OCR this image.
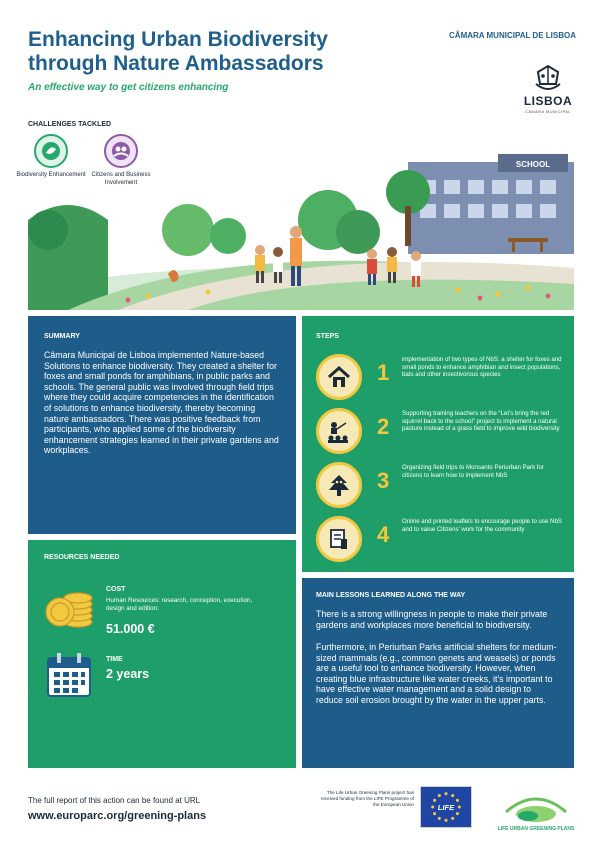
Enhancing Urban Biodiversity through Nature Ambassadors
An effective way to get citizens enhancing
CÂMARA MUNICIPAL DE LISBOA
LISBOA
CÂMARA MUNICIPAL
CHALLENGES TACKLED
Biodiversity Enhancement Citizens and Business Involvement
SCHOOL
SUMMARY

Câmara Municipal de Lisboa implemented Nature-based Solutions to enhance biodiversity. They created a shelter for foxes and small ponds for amphibians, in public parks and schools. The general public was involved through field trips where they could acquire competencies in the identification of solutions to enhance biodiversity, thereby becoming nature ambassadors. There was positive feedback from participants, who applied some of the biodiversity enhancement strategies learned in their private gardens and workplaces.

RESOURCES NEEDED
COST
Human Resources: research, conception, execution, design and edition:
51.000 €
TIME
2 years
STEPS
1
implementation of two types of NbS: a shelter for foxes and small ponds to enhance amphibian and insect populations, bats and other insectivorous species
2
Supporting training teachers on the “Let’s bring the red squirrel back to the school” project to implement a natural pasture instead of a grass field to improve wild biodiversity
3
Organizing field trips to Monsanto Periurban Park for citizens to learn how to implement NbS
4
Online and printed leaflets to encourage people to use NbS and to value Citizens’ work for the community
MAIN LESSONS LEARNED ALONG THE WAY

There is a strong willingness in people to make their private gardens and workplaces more beneficial to biodiversity.

Furthermore, in Periurban Parks artificial shelters for medium-sized mammals (e.g., common genets and weasels) or ponds are a useful tool to enhance biodiversity. However, when creating blue infrastructure like water creeks, it’s important to have effective water management and a solid design to reduce soil erosion brought by the water in the upper parts.

The full report of this action can be found at URL
www.europarc.org/greening-plans
The Life Urban Greening Plans project has received funding from the LIFE Programme of the European Union	LIFE
LIFE URBAN GREENING PLANS
